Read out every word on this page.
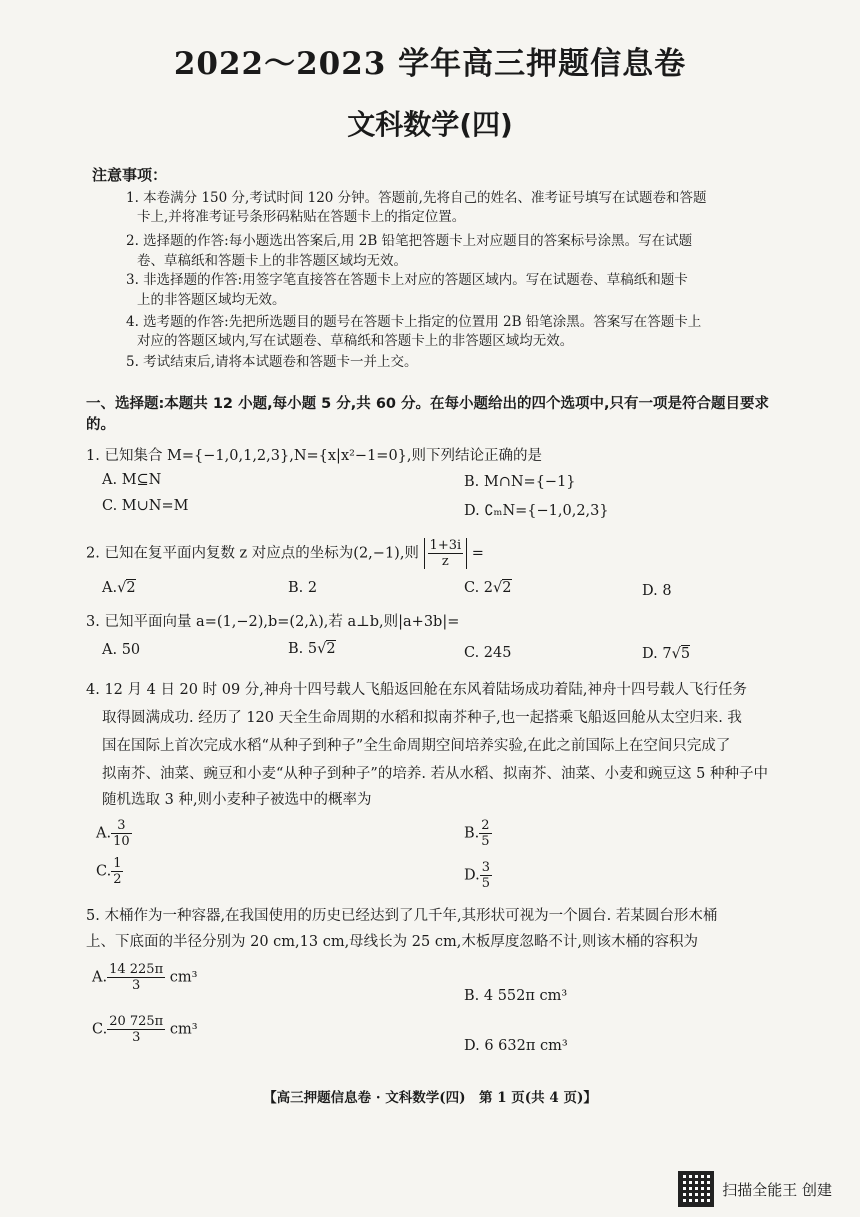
2022～2023 学年高三押题信息卷
文科数学(四)
注意事项：
1. 本卷满分 150 分,考试时间 120 分钟。答题前,先将自己的姓名、准考证号填写在试题卷和答题
卡上,并将准考证号条形码粘贴在答题卡上的指定位置。
2. 选择题的作答:每小题选出答案后,用 2B 铅笔把答题卡上对应题目的答案标号涂黑。写在试题
卷、草稿纸和答题卡上的非答题区域均无效。
3. 非选择题的作答:用签字笔直接答在答题卡上对应的答题区域内。写在试题卷、草稿纸和题卡
上的非答题区域均无效。
4. 选考题的作答:先把所选题目的题号在答题卡上指定的位置用 2B 铅笔涂黑。答案写在答题卡上
对应的答题区域内,写在试题卷、草稿纸和答题卡上的非答题区域均无效。
5. 考试结束后,请将本试题卷和答题卡一并上交。
一、选择题:本题共 12 小题,每小题 5 分,共 60 分。在每小题给出的四个选项中,只有一项是符合题目要求的。
1. 已知集合 M={−1,0,1,2,3},N={x|x²−1=0},则下列结论正确的是
A. M⊆N	B. M∩N={−1}
C. M∪N=M	D. ∁ₘN={−1,0,2,3}
2. 已知在复平面内复数 z 对应点的坐标为(2,−1),则 $\frac{1+3i}{z}$ =
A.√2	B. 2	C. 2√2	D. 8
3. 已知平面向量 a=(1,−2),b=(2,λ),若 a⊥b,则|a+3b|=
A. 50	B. 5√2	C. 245	D. 7√5
4. 12 月 4 日 20 时 09 分,神舟十四号载人飞船返回舱在东风着陆场成功着陆,神舟十四号载人飞行任务
取得圆满成功. 经历了 120 天全生命周期的水稻和拟南芥种子,也一起搭乘飞船返回舱从太空归来. 我
国在国际上首次完成水稻“从种子到种子”全生命周期空间培养实验,在此之前国际上在空间只完成了
拟南芥、油菜、豌豆和小麦“从种子到种子”的培养. 若从水稻、拟南芥、油菜、小麦和豌豆这 5 种种子中
随机选取 3 种,则小麦种子被选中的概率为
A. $\frac{3}{10}$	B. $\frac{2}{5}$
C. $\frac{1}{2}$	D. $\frac{3}{5}$
5. 木桶作为一种容器,在我国使用的历史已经达到了几千年,其形状可视为一个圆台. 若某圆台形木桶
上、下底面的半径分别为 20 cm,13 cm,母线长为 25 cm,木板厚度忽略不计,则该木桶的容积为
A. $\frac{14 225\pi}{3} cm^3$
B. 4 552π cm³
C. $\frac{20 725\pi}{3} cm^3$
D. 6 632π cm³
【高三押题信息卷 · 文科数学(四)　第 1 页(共 4 页)】
扫描全能王 创建
